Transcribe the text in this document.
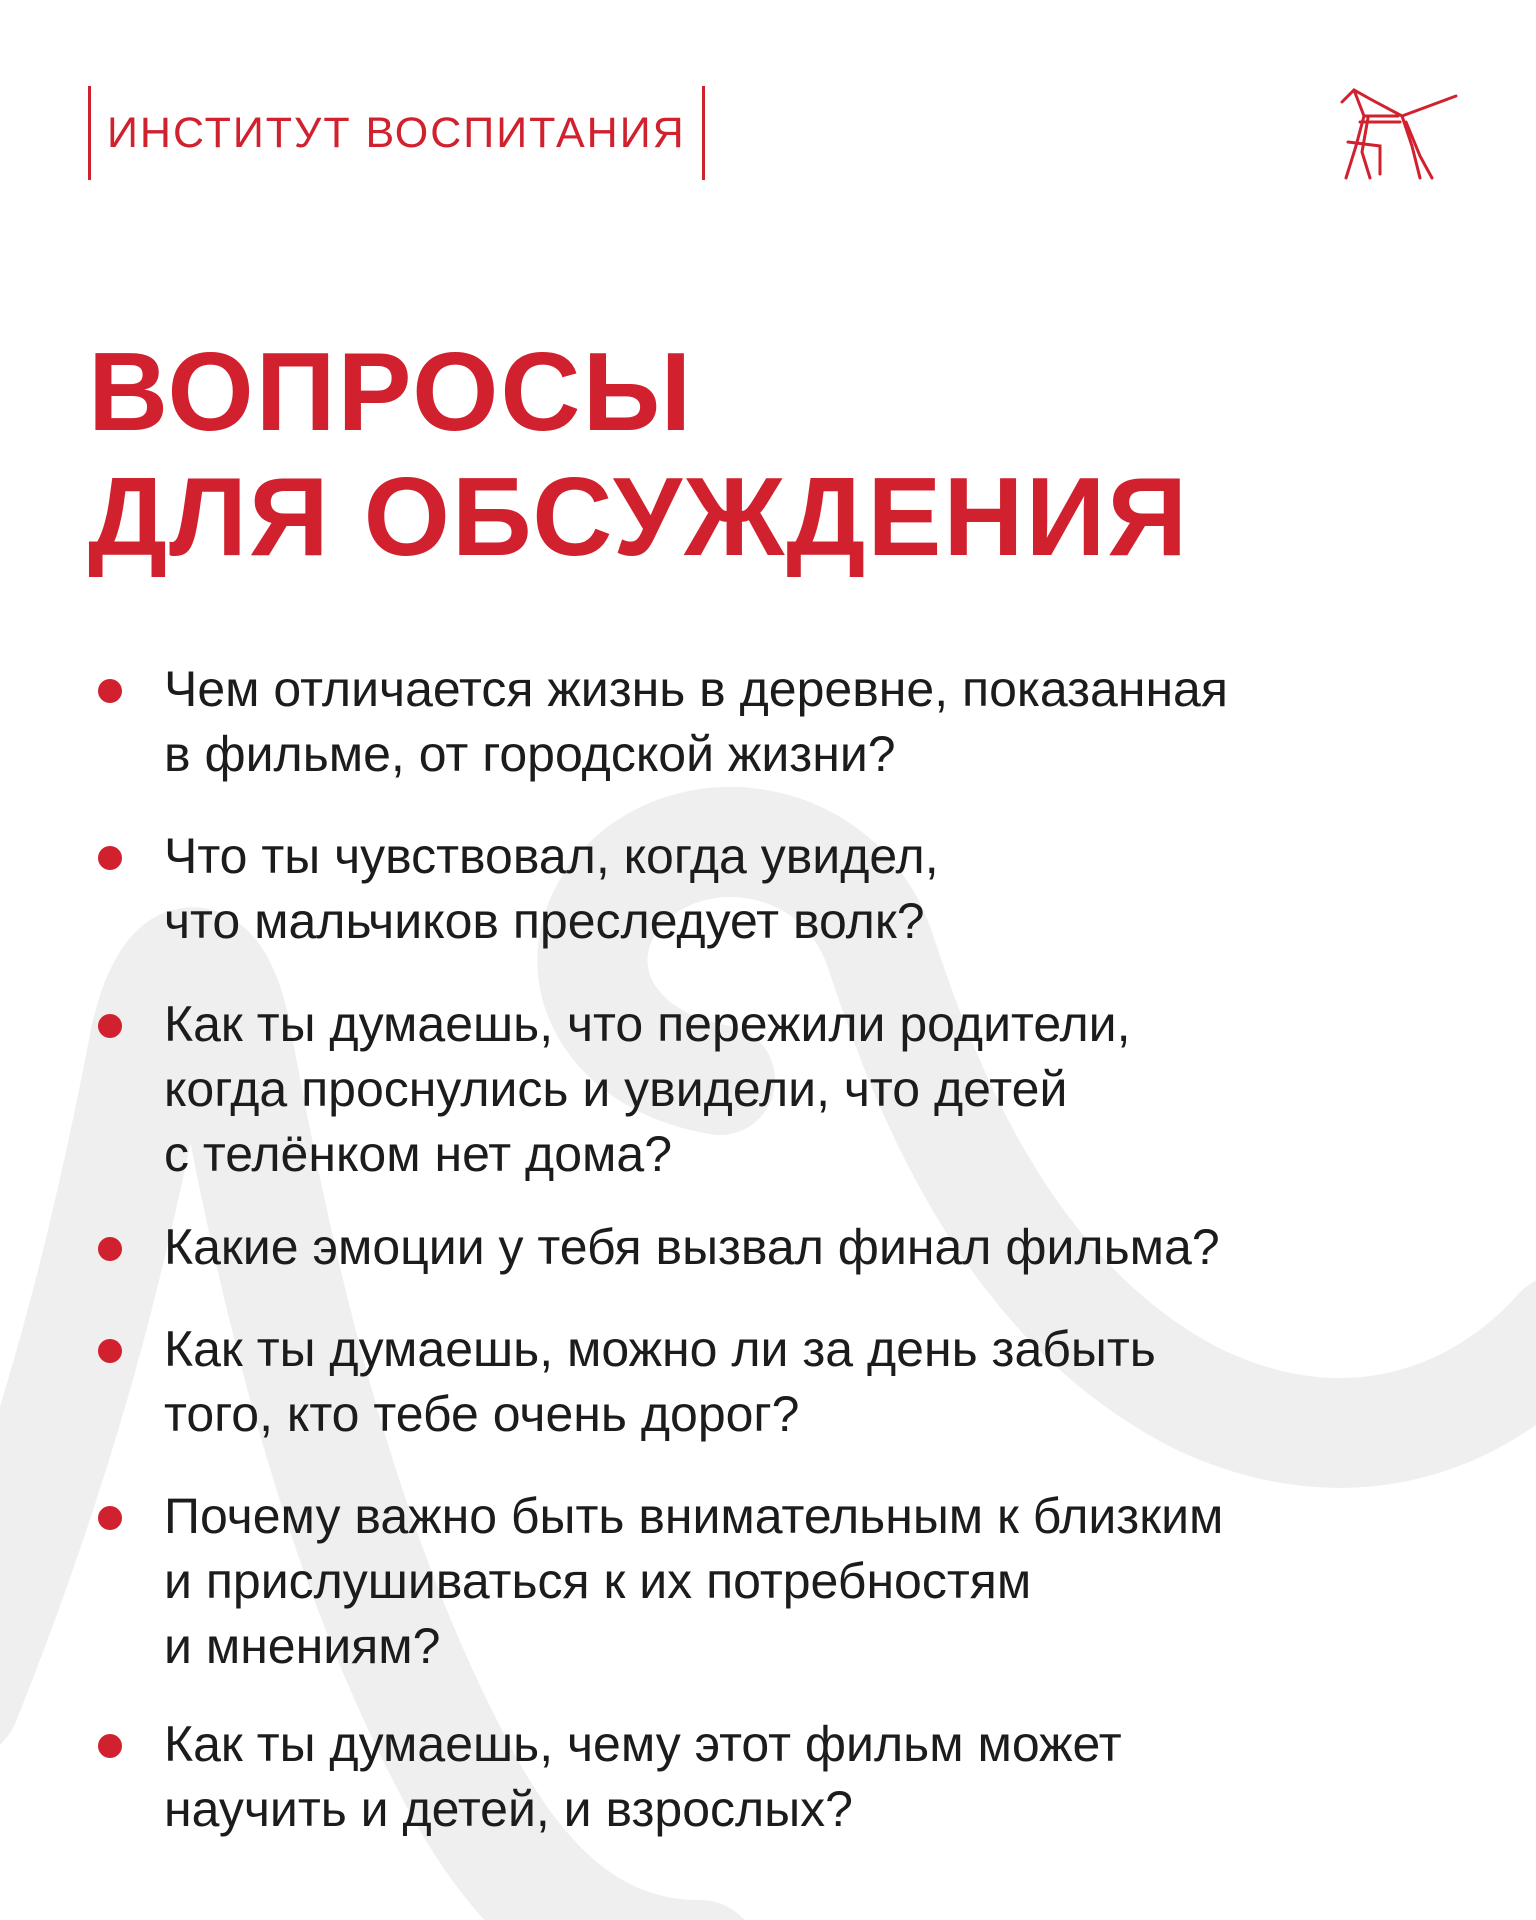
ИНСТИТУТ ВОСПИТАНИЯ
ВОПРОСЫ
ДЛЯ ОБСУЖДЕНИЯ

Чем отличается жизнь в деревне, показанная
в фильме, от городской жизни?

Что ты чувствовал, когда увидел,
что мальчиков преследует волк?

Как ты думаешь, что пережили родители,
когда проснулись и увидели, что детей
с телёнком нет дома?

Какие эмоции у тебя вызвал финал фильма?

Как ты думаешь, можно ли за день забыть
того, кто тебе очень дорог?

Почему важно быть внимательным к близким
и прислушиваться к их потребностям
и мнениям?

Как ты думаешь, чему этот фильм может
научить и детей, и взрослых?
